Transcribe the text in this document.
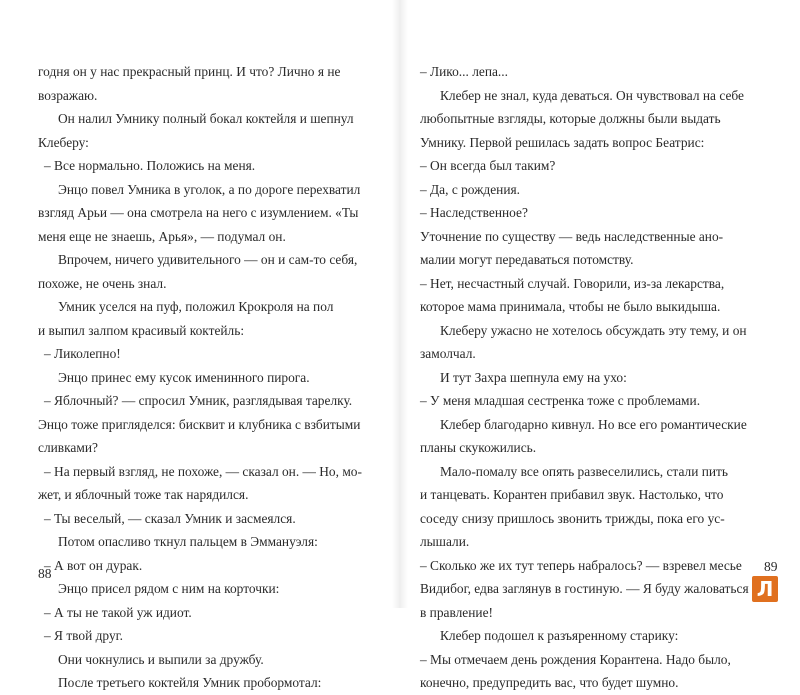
годня он у нас прекрасный принц. И что? Лично я не
возражаю.
Он налил Умнику полный бокал коктейля и шепнул
Клеберу:
– Все нормально. Положись на меня.
Энцо повел Умника в уголок, а по дороге перехватил
взгляд Арьи — она смотрела на него с изумлением. «Ты
меня еще не знаешь, Арья», — подумал он.
Впрочем, ничего удивительного — он и сам-то себя,
похоже, не очень знал.
Умник уселся на пуф, положил Крокроля на пол
и выпил залпом красивый коктейль:
– Ликолепно!
Энцо принес ему кусок именинного пирога.
– Яблочный? — спросил Умник, разглядывая тарелку.
Энцо тоже пригляделся: бисквит и клубника с взбитыми
сливками?
– На первый взгляд, не похоже, — сказал он. — Но, мо-
жет, и яблочный тоже так нарядился.
– Ты веселый, — сказал Умник и засмеялся.
Потом опасливо ткнул пальцем в Эммануэля:
– А вот он дурак.
Энцо присел рядом с ним на корточки:
– А ты не такой уж идиот.
– Я твой друг.
Они чокнулись и выпили за дружбу.
После третьего коктейля Умник пробормотал:
88
– Лико... лепа...
Клебер не знал, куда деваться. Он чувствовал на себе
любопытные взгляды, которые должны были выдать
Умнику. Первой решилась задать вопрос Беатрис:
– Он всегда был таким?
– Да, с рождения.
– Наследственное?
Уточнение по существу — ведь наследственные ано-
малии могут передаваться потомству.
– Нет, несчастный случай. Говорили, из-за лекарства,
которое мама принимала, чтобы не было выкидыша.
Клеберу ужасно не хотелось обсуждать эту тему, и он
замолчал.
И тут Захра шепнула ему на ухо:
– У меня младшая сестренка тоже с проблемами.
Клебер благодарно кивнул. Но все его романтические
планы скукожились.
Мало-помалу все опять развеселились, стали пить
и танцевать. Корантен прибавил звук. Настолько, что
соседу снизу пришлось звонить трижды, пока его ус-
лышали.
– Сколько же их тут теперь набралось? — взревел месье
Видибог, едва заглянув в гостиную. — Я буду жаловаться
в правление!
Клебер подошел к разъяренному старику:
– Мы отмечаем день рождения Корантена. Надо было,
конечно, предупредить вас, что будет шумно.
89
Л
